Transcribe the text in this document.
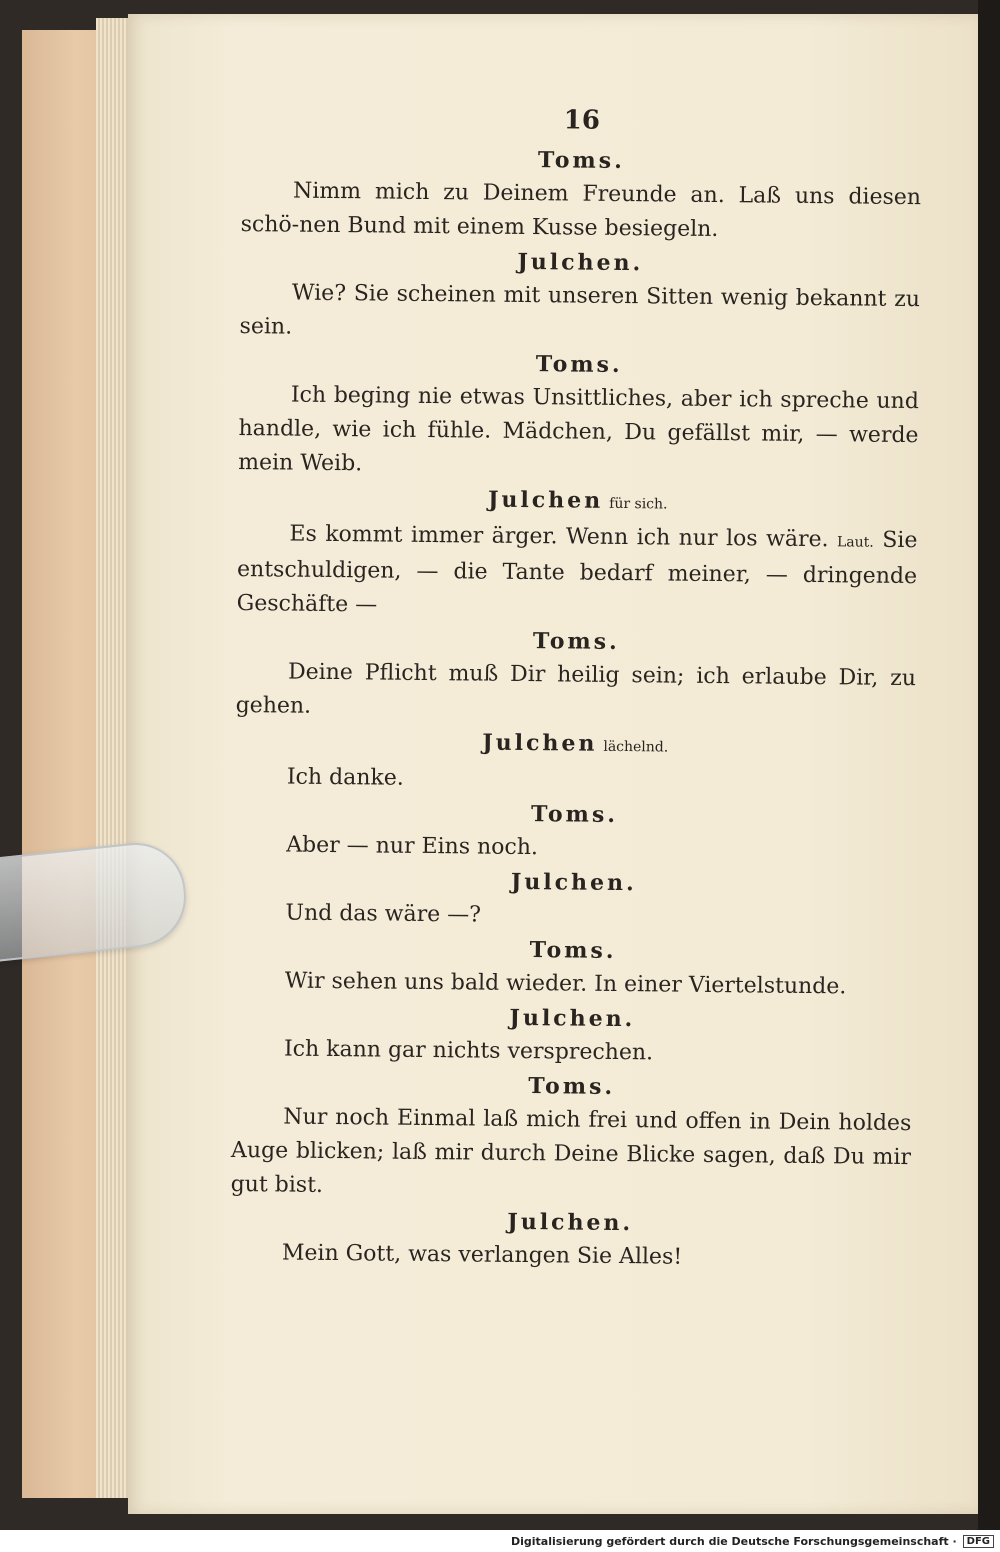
16
Toms.
Nimm mich zu Deinem Freunde an. Laß uns diesen schö-nen Bund mit einem Kusse besiegeln.
Julchen.
Wie? Sie scheinen mit unseren Sitten wenig bekannt zu sein.
Toms.
Ich beging nie etwas Unsittliches, aber ich spreche und handle, wie ich fühle. Mädchen, Du gefällst mir, — werde mein Weib.
Julchen für sich.
Es kommt immer ärger. Wenn ich nur los wäre. Laut. Sie entschuldigen, — die Tante bedarf meiner, — dringende Geschäfte —
Toms.
Deine Pflicht muß Dir heilig sein; ich erlaube Dir, zu gehen.
Julchen lächelnd.
Ich danke.
Toms.
Aber — nur Eins noch.
Julchen.
Und das wäre —?
Toms.
Wir sehen uns bald wieder. In einer Viertelstunde.
Julchen.
Ich kann gar nichts versprechen.
Toms.
Nur noch Einmal laß mich frei und offen in Dein holdes Auge blicken; laß mir durch Deine Blicke sagen, daß Du mir gut bist.
Julchen.
Mein Gott, was verlangen Sie Alles!
Digitalisierung gefördert durch die Deutsche Forschungsgemeinschaft ·	DFG
